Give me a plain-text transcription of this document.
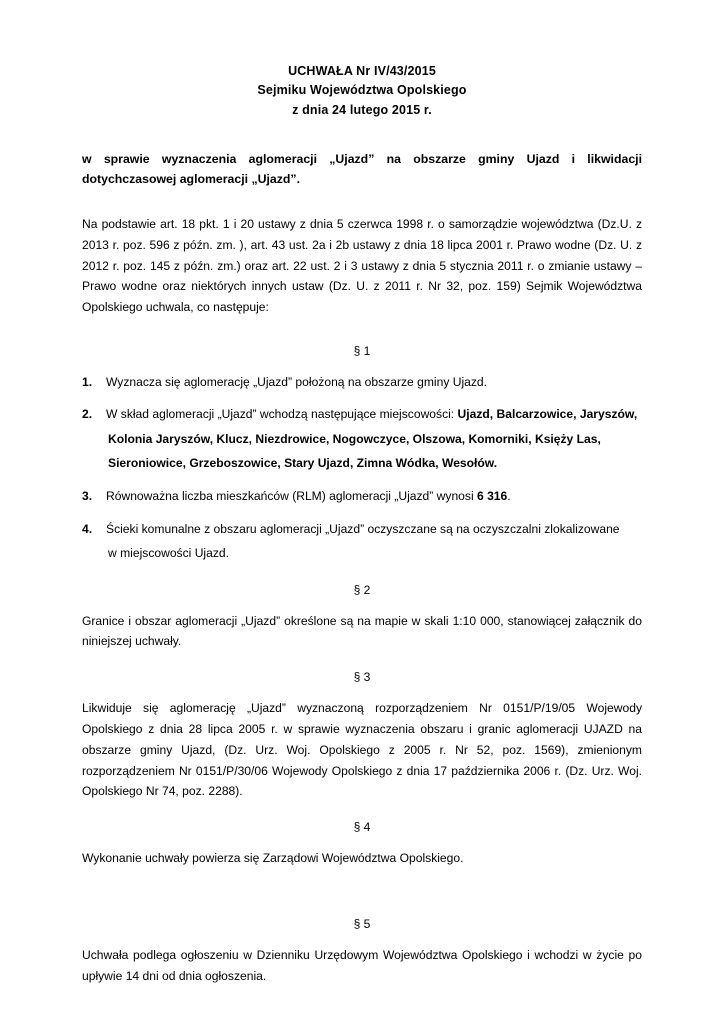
UCHWAŁA Nr IV/43/2015
Sejmiku Województwa Opolskiego
z dnia 24 lutego 2015 r.
w sprawie wyznaczenia aglomeracji „Ujazd” na obszarze gminy Ujazd i likwidacji dotychczasowej aglomeracji „Ujazd”.
Na podstawie art. 18 pkt. 1 i 20 ustawy z dnia 5 czerwca 1998 r. o samorządzie województwa (Dz.U. z 2013 r. poz. 596 z późn. zm. ), art. 43 ust. 2a i 2b ustawy z dnia 18 lipca 2001 r. Prawo wodne (Dz. U. z 2012 r. poz. 145 z późn. zm.) oraz art. 22 ust. 2 i 3 ustawy z dnia 5 stycznia 2011 r. o zmianie ustawy – Prawo wodne oraz niektórych innych ustaw (Dz. U. z 2011 r. Nr 32, poz. 159) Sejmik Województwa Opolskiego uchwala, co następuje:
§ 1
1. Wyznacza się aglomerację „Ujazd” położoną na obszarze gminy Ujazd.
2. W skład aglomeracji „Ujazd” wchodzą następujące miejscowości: Ujazd, Balcarzowice, Jaryszów,
Kolonia Jaryszów, Klucz, Niezdrowice, Nogowczyce, Olszowa, Komorniki, Księży Las,
Sieroniowice, Grzeboszowice, Stary Ujazd, Zimna Wódka, Wesołów.
3. Równoważna liczba mieszkańców (RLM) aglomeracji „Ujazd” wynosi 6 316.
4. Ścieki komunalne z obszaru aglomeracji „Ujazd” oczyszczane są na oczyszczalni zlokalizowane
w miejscowości Ujazd.
§ 2
Granice i obszar aglomeracji „Ujazd” określone są na mapie w skali 1:10 000, stanowiącej załącznik do niniejszej uchwały.
§ 3
Likwiduje się aglomerację „Ujazd” wyznaczoną rozporządzeniem Nr 0151/P/19/05 Wojewody Opolskiego z dnia 28 lipca 2005 r. w sprawie wyznaczenia obszaru i granic aglomeracji UJAZD na obszarze gminy Ujazd, (Dz. Urz. Woj. Opolskiego z 2005 r. Nr 52, poz. 1569), zmienionym rozporządzeniem Nr 0151/P/30/06 Wojewody Opolskiego z dnia 17 października 2006 r. (Dz. Urz. Woj. Opolskiego Nr 74, poz. 2288).
§ 4
Wykonanie uchwały powierza się Zarządowi Województwa Opolskiego.
§ 5
Uchwała podlega ogłoszeniu w Dzienniku Urzędowym Województwa Opolskiego i wchodzi w życie po upływie 14 dni od dnia ogłoszenia.
